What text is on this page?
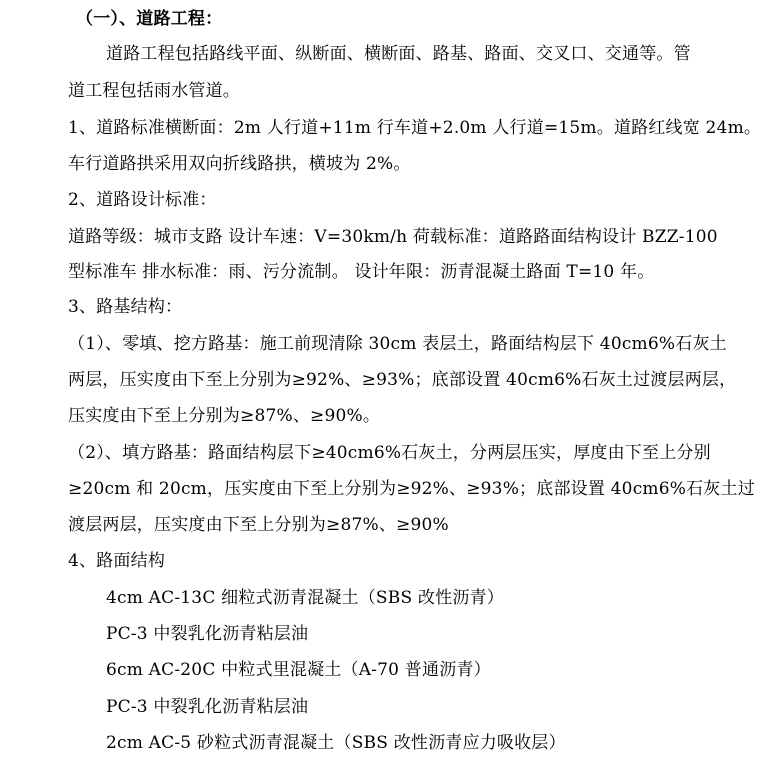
（一）、道路工程：
道路工程包括路线平面、纵断面、横断面、路基、路面、交叉口、交通等。管
道工程包括雨水管道。
1、道路标准横断面：2m 人行道+11m 行车道+2.0m 人行道=15m。道路红线宽 24m。
车行道路拱采用双向折线路拱，横坡为 2%。
2、道路设计标准：
道路等级：城市支路 设计车速：V=30km/h 荷载标准：道路路面结构设计 BZZ-100
型标准车 排水标准：雨、污分流制。 设计年限：沥青混凝土路面 T=10 年。
3、路基结构：
（1）、零填、挖方路基：施工前现清除 30cm 表层土，路面结构层下 40cm6%石灰土
两层，压实度由下至上分别为≥92%、≥93%；底部设置 40cm6%石灰土过渡层两层，
压实度由下至上分别为≥87%、≥90%。
（2）、填方路基：路面结构层下≥40cm6%石灰土，分两层压实，厚度由下至上分别
≥20cm 和 20cm，压实度由下至上分别为≥92%、≥93%；底部设置 40cm6%石灰土过
渡层两层，压实度由下至上分别为≥87%、≥90%
4、路面结构
4cm AC-13C 细粒式沥青混凝土（SBS 改性沥青）
PC-3 中裂乳化沥青粘层油
6cm AC-20C 中粒式里混凝土（A-70 普通沥青）
PC-3 中裂乳化沥青粘层油
2cm AC-5 砂粒式沥青混凝土（SBS 改性沥青应力吸收层）
